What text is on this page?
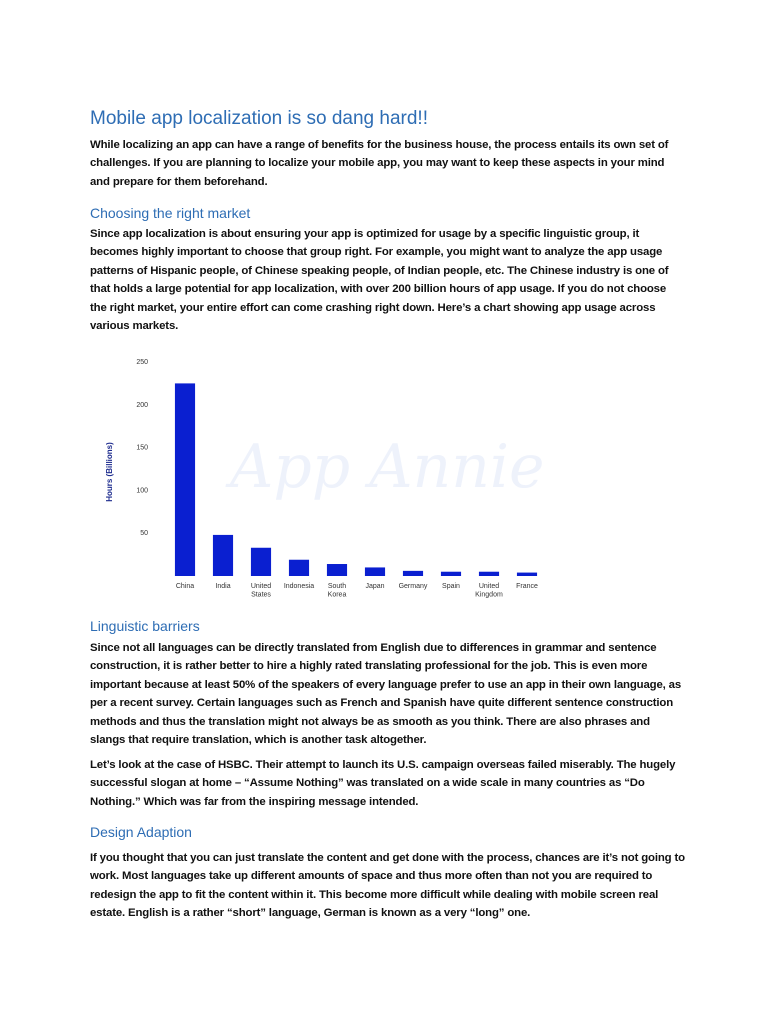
Mobile app localization is so dang hard!!

While localizing an app can have a range of benefits for the business house, the process entails its own set of challenges. If you are planning to localize your mobile app, you may want to keep these aspects in your mind and prepare for them beforehand.

Choosing the right market

Since app localization is about ensuring your app is optimized for usage by a specific linguistic group, it becomes highly important to choose that group right. For example, you might want to analyze the app usage patterns of Hispanic people, of Chinese speaking people, of Indian people, etc. The Chinese industry is one of that holds a large potential for app localization, with over 200 billion hours of app usage. If you do not choose the right market, your entire effort can come crashing right down. Here’s a chart showing app usage across various markets.

Linguistic barriers

Since not all languages can be directly translated from English due to differences in grammar and sentence construction, it is rather better to hire a highly rated translating professional for the job. This is even more important because at least 50% of the speakers of every language prefer to use an app in their own language, as per a recent survey. Certain languages such as French and Spanish have quite different sentence construction methods and thus the translation might not always be as smooth as you think. There are also phrases and slangs that require translation, which is another task altogether.

Let’s look at the case of HSBC. Their attempt to launch its U.S. campaign overseas failed miserably. The hugely successful slogan at home – “Assume Nothing” was translated on a wide scale in many countries as “Do Nothing.” Which was far from the inspiring message intended.

Design Adaption

If you thought that you can just translate the content and get done with the process, chances are it’s not going to work. Most languages take up different amounts of space and thus more often than not you are required to redesign the app to fit the content within it. This become more difficult while dealing with mobile screen real estate. English is a rather “short” language, German is known as a very “long” one.

App Annie
Hours (Billions)
50
100
150
200
250
China	India	United States
Indonesia South Korea
Japan Germany Spain	United Kingdom
France
